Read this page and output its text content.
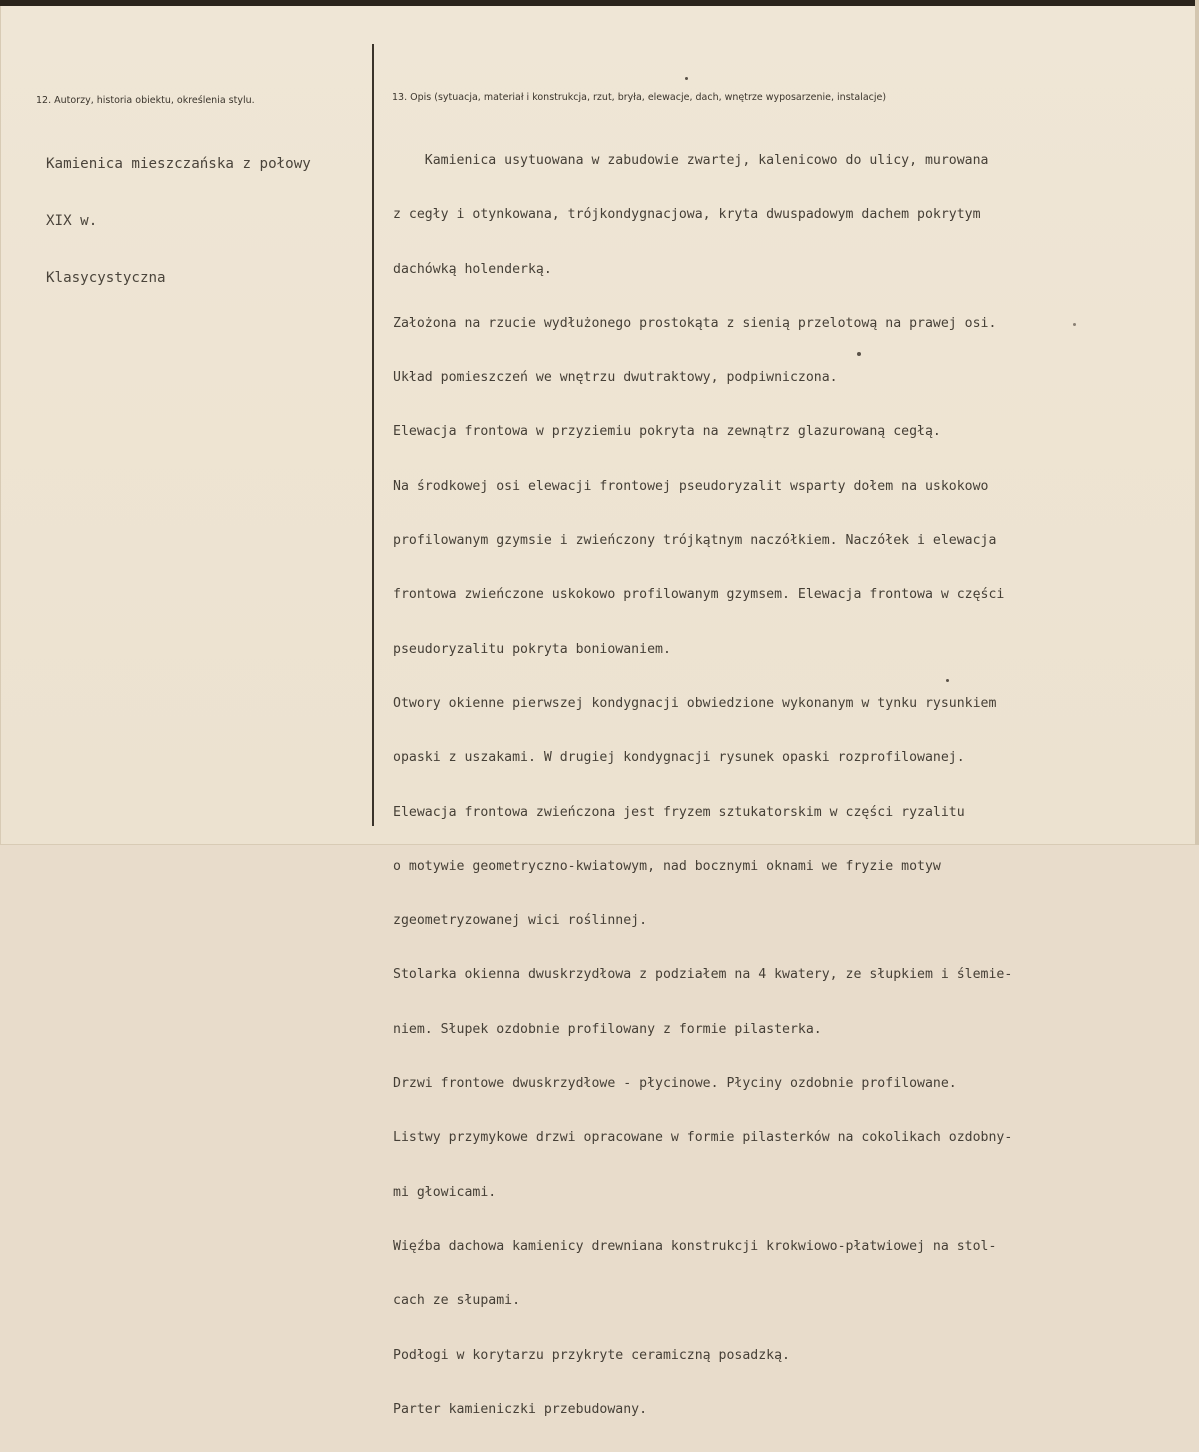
12. Autorzy, historia obiektu, określenia stylu.	13. Opis (sytuacja, materiał i konstrukcja, rzut, bryła, elewacje, dach, wnętrze wyposarzenie, instalacje)

Kamienica mieszczańska z połowy

XIX w.

Klasycystyczna

Kamienica usytuowana w zabudowie zwartej, kalenicowo do ulicy, murowana

z cegły i otynkowana, trójkondygnacjowa, kryta dwuspadowym dachem pokrytym

dachówką holenderką.

Założona na rzucie wydłużonego prostokąta z sienią przelotową na prawej osi.

Układ pomieszczeń we wnętrzu dwutraktowy, podpiwniczona.

Elewacja frontowa w przyziemiu pokryta na zewnątrz glazurowaną cegłą.

Na środkowej osi elewacji frontowej pseudoryzalit wsparty dołem na uskokowo

profilowanym gzymsie i zwieńczony trójkątnym naczółkiem. Naczółek i elewacja

frontowa zwieńczone uskokowo profilowanym gzymsem. Elewacja frontowa w części

pseudoryzalitu pokryta boniowaniem.

Otwory okienne pierwszej kondygnacji obwiedzione wykonanym w tynku rysunkiem

opaski z uszakami. W drugiej kondygnacji rysunek opaski rozprofilowanej.

Elewacja frontowa zwieńczona jest fryzem sztukatorskim w części ryzalitu

o motywie geometryczno-kwiatowym, nad bocznymi oknami we fryzie motyw

zgeometryzowanej wici roślinnej.

Stolarka okienna dwuskrzydłowa z podziałem na 4 kwatery, ze słupkiem i ślemie-

niem. Słupek ozdobnie profilowany z formie pilasterka.

Drzwi frontowe dwuskrzydłowe - płycinowe. Płyciny ozdobnie profilowane.

Listwy przymykowe drzwi opracowane w formie pilasterków na cokolikach ozdobny-

mi głowicami.

Więźba dachowa kamienicy drewniana konstrukcji krokwiowo-płatwiowej na stol-

cach ze słupami.

Podłogi w korytarzu przykryte ceramiczną posadzką.

Parter kamieniczki przebudowany.
